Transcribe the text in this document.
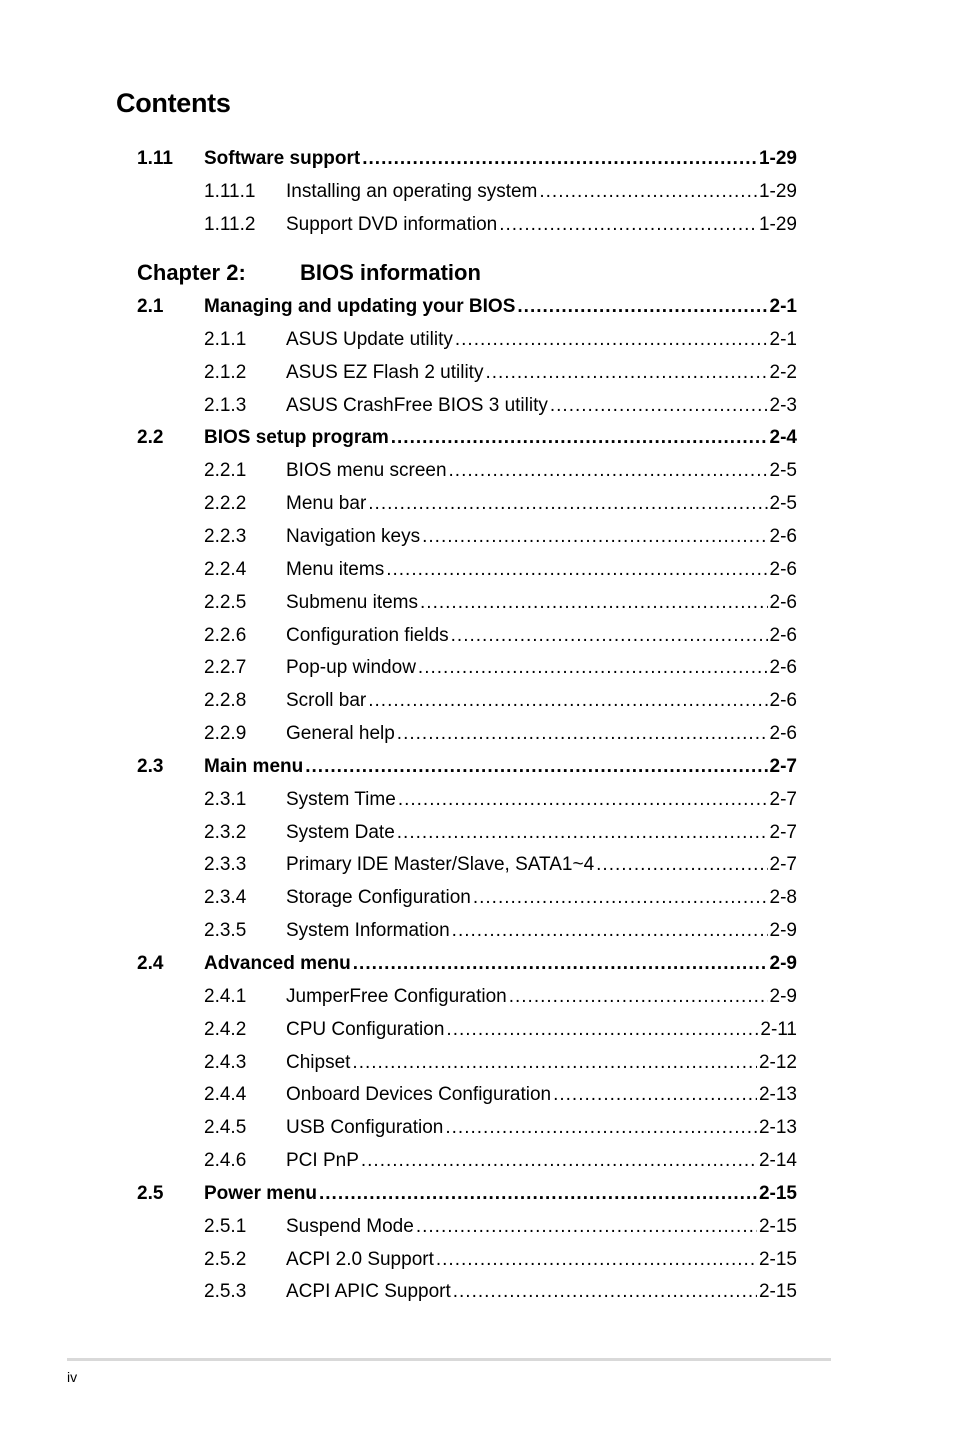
Contents
1.11 Software support .....	1-29
1.11.1 Installing an operating system .....	1-29
1.11.2 Support DVD information .....	1-29
Chapter 2: BIOS information
2.1 Managing and updating your BIOS .....	2-1
2.1.1 ASUS Update utility .....	2-1
2.1.2 ASUS EZ Flash 2 utility .....	2-2
2.1.3 ASUS CrashFree BIOS 3 utility .....	2-3
2.2 BIOS setup program .....	2-4
2.2.1 BIOS menu screen .....	2-5
2.2.2 Menu bar .....	2-5
2.2.3 Navigation keys .....	2-6
2.2.4 Menu items .....	2-6
2.2.5 Submenu items .....	2-6
2.2.6 Configuration fields .....	2-6
2.2.7 Pop-up window .....	2-6
2.2.8 Scroll bar .....	2-6
2.2.9 General help .....	2-6
2.3 Main menu .....	2-7
2.3.1 System Time .....	2-7
2.3.2 System Date .....	2-7
2.3.3 Primary IDE Master/Slave, SATA1~4 .....	2-7
2.3.4 Storage Configuration .....	2-8
2.3.5 System Information .....	2-9
2.4 Advanced menu .....	2-9
2.4.1 JumperFree Configuration .....	2-9
2.4.2 CPU Configuration .....	2-11
2.4.3 Chipset .....	2-12
2.4.4 Onboard Devices Configuration .....	2-13
2.4.5 USB Configuration .....	2-13
2.4.6 PCI PnP .....	2-14
2.5 Power menu .....	2-15
2.5.1 Suspend Mode .....	2-15
2.5.2 ACPI 2.0 Support .....	2-15
2.5.3 ACPI APIC Support .....	2-15
iv
